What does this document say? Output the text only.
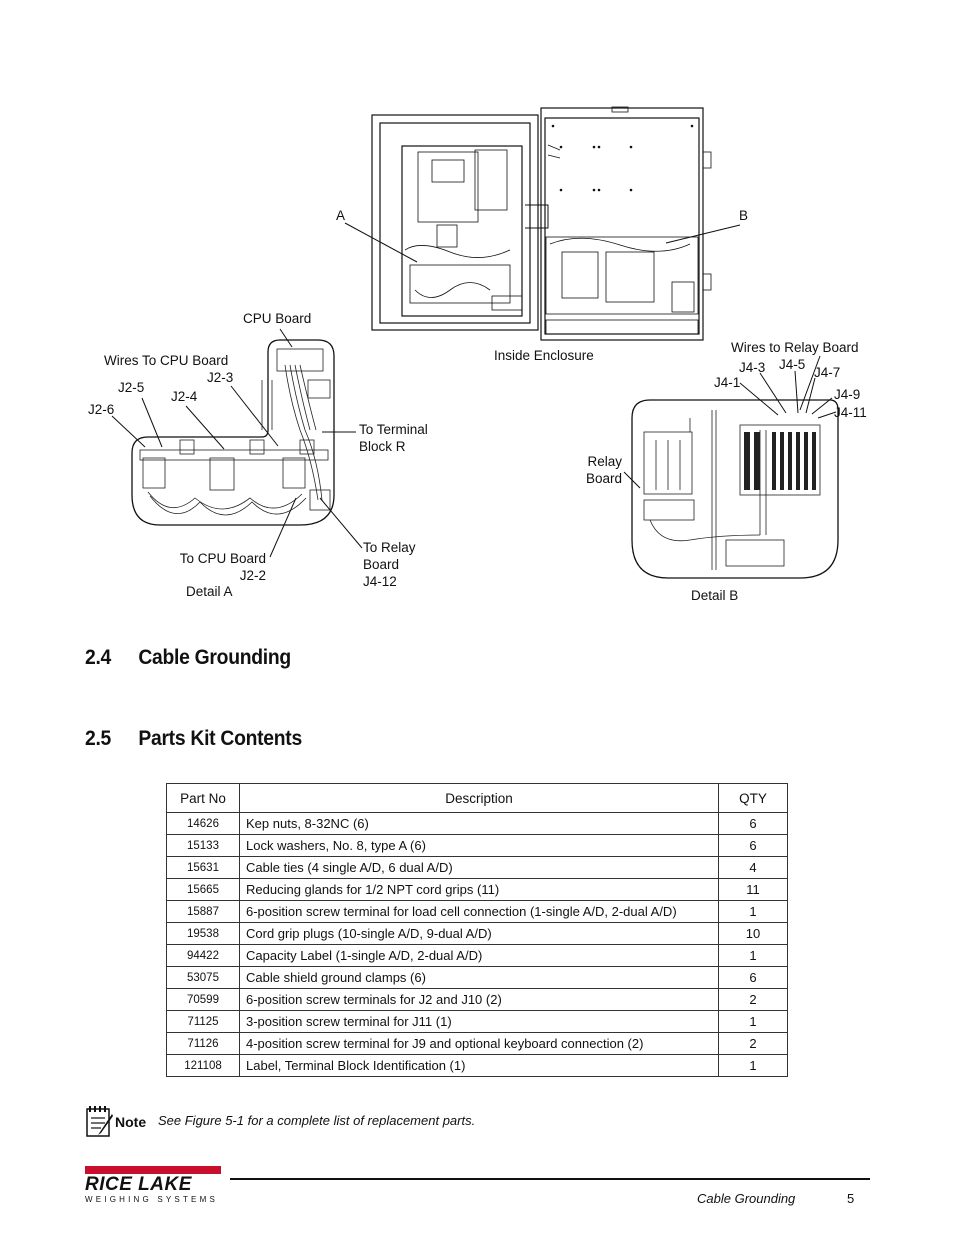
A	B
Inside Enclosure
CPU Board
Wires To CPU Board
J2-3
J2-5
J2-4
J2-6
To Terminal
Block R
To Relay
Board
J4-12
To CPU Board
J2-2
Detail A
Wires to Relay Board
J4-3 J4-5
J4-7
J4-1
J4-9
J4-11
Relay
Board
Detail B
2.4 Cable Grounding
2.5 Parts Kit Contents
Part No	Description	QTY
14626	Kep nuts, 8-32NC (6)	6
15133	Lock washers, No. 8, type A (6)	6
15631	Cable ties (4 single A/D, 6 dual A/D)	4
15665	Reducing glands for 1/2 NPT cord grips (11)	11
15887	6-position screw terminal for load cell connection (1-single A/D, 2-dual A/D)	1
19538	Cord grip plugs (10-single A/D, 9-dual A/D)	10
94422	Capacity Label (1-single A/D, 2-dual A/D)	1
53075	Cable shield ground clamps (6)	6
70599	6-position screw terminals for J2 and J10 (2)	2
71125	3-position screw terminal for J11 (1)	1
71126	4-position screw terminal for J9 and optional keyboard connection (2)	2
121108	Label, Terminal Block Identification (1)	1
Note See Figure 5-1 for a complete list of replacement parts.
RICE LAKE
WEIGHING SYSTEMS	Cable Grounding	5
